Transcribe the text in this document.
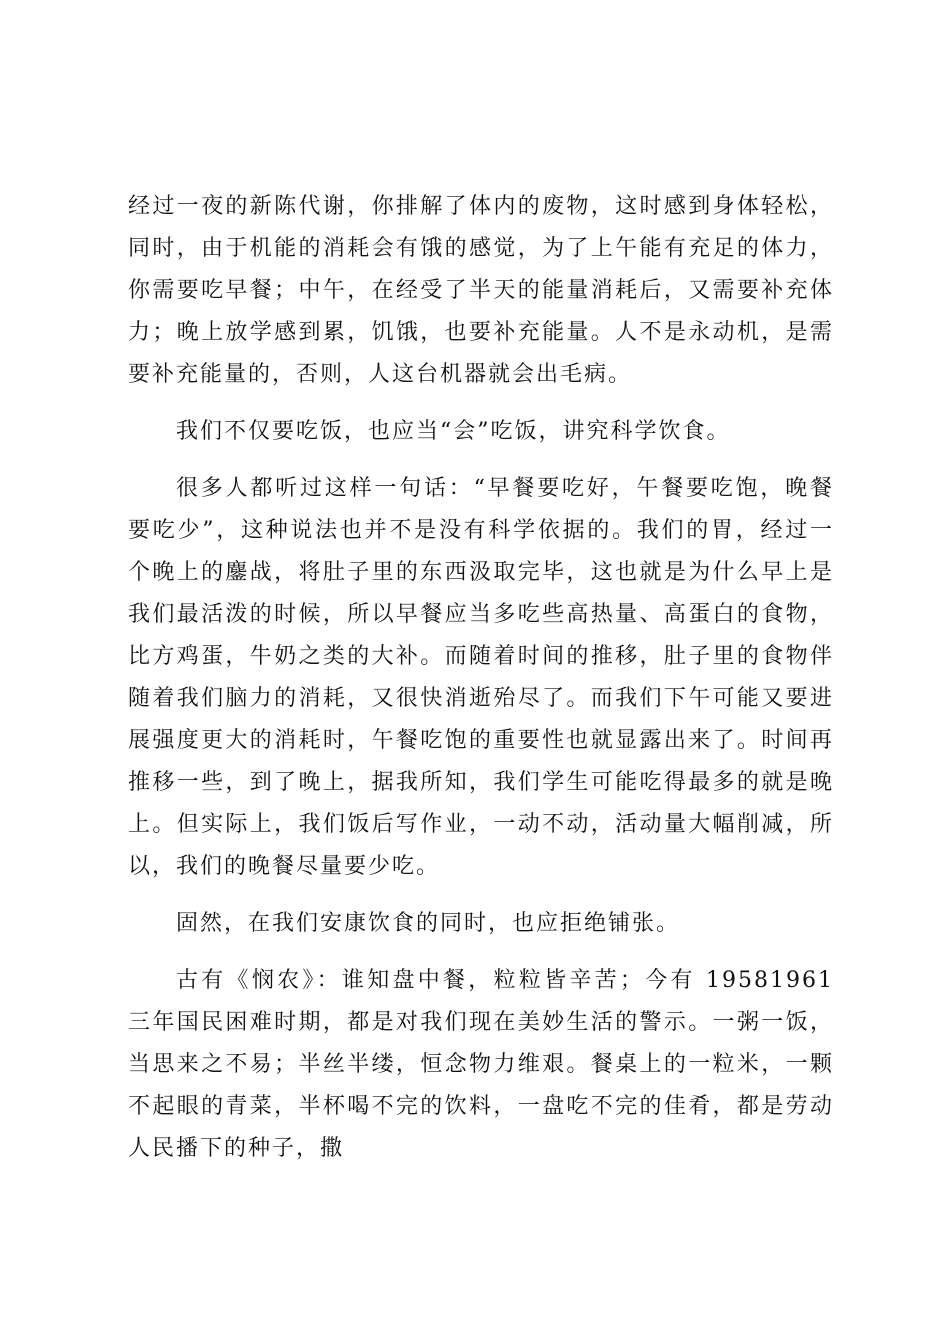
经过一夜的新陈代谢，你排解了体内的废物，这时感到身体轻松，同时，由于机能的消耗会有饿的感觉，为了上午能有充足的体力，你需要吃早餐；中午，在经受了半天的能量消耗后，又需要补充体力；晚上放学感到累，饥饿，也要补充能量。人不是永动机，是需要补充能量的，否则，人这台机器就会出毛病。

我们不仅要吃饭，也应当“会”吃饭，讲究科学饮食。

很多人都听过这样一句话：“早餐要吃好，午餐要吃饱，晚餐要吃少”，这种说法也并不是没有科学依据的。我们的胃，经过一个晚上的鏖战，将肚子里的东西汲取完毕，这也就是为什么早上是我们最活泼的时候，所以早餐应当多吃些高热量、高蛋白的食物，比方鸡蛋，牛奶之类的大补。而随着时间的推移，肚子里的食物伴随着我们脑力的消耗，又很快消逝殆尽了。而我们下午可能又要进展强度更大的消耗时，午餐吃饱的重要性也就显露出来了。时间再推移一些，到了晚上，据我所知，我们学生可能吃得最多的就是晚上。但实际上，我们饭后写作业，一动不动，活动量大幅削减，所以，我们的晚餐尽量要少吃。

固然，在我们安康饮食的同时，也应拒绝铺张。

古有《悯农》：谁知盘中餐，粒粒皆辛苦；今有 19581961 三年国民困难时期，都是对我们现在美妙生活的警示。一粥一饭，当思来之不易；半丝半缕，恒念物力维艰。餐桌上的一粒米，一颗不起眼的青菜，半杯喝不完的饮料，一盘吃不完的佳肴，都是劳动人民播下的种子，撒
